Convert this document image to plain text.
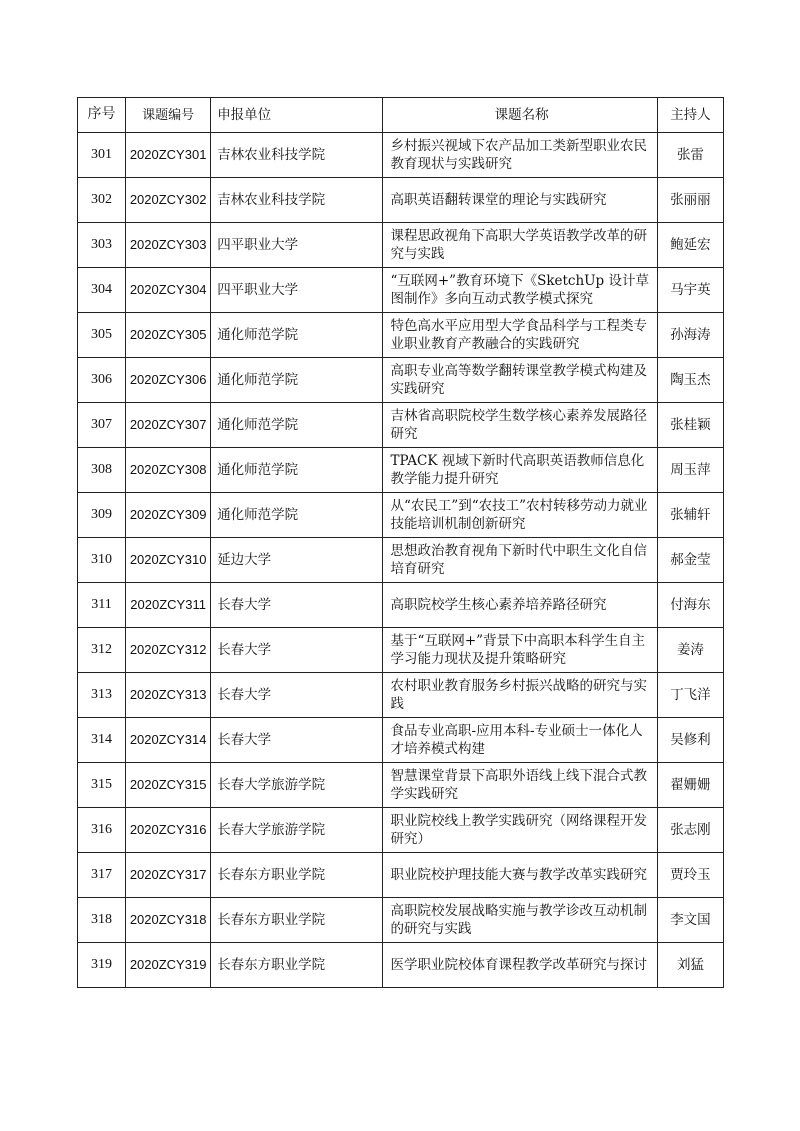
序号	课题编号	申报单位	课题名称	主持人
301	2020ZCY301	吉林农业科技学院	乡村振兴视域下农产品加工类新型职业农民教育现状与实践研究	张雷
302	2020ZCY302	吉林农业科技学院	高职英语翻转课堂的理论与实践研究	张丽丽
303	2020ZCY303	四平职业大学	课程思政视角下高职大学英语教学改革的研究与实践	鲍延宏
304	2020ZCY304	四平职业大学	“互联网+”教育环境下《SketchUp 设计草图制作》多向互动式教学模式探究	马宇英
305	2020ZCY305	通化师范学院	特色高水平应用型大学食品科学与工程类专业职业教育产教融合的实践研究	孙海涛
306	2020ZCY306	通化师范学院	高职专业高等数学翻转课堂教学模式构建及实践研究	陶玉杰
307	2020ZCY307	通化师范学院	吉林省高职院校学生数学核心素养发展路径研究	张桂颖
308	2020ZCY308	通化师范学院	TPACK 视域下新时代高职英语教师信息化教学能力提升研究	周玉萍
309	2020ZCY309	通化师范学院	从“农民工”到“农技工”农村转移劳动力就业技能培训机制创新研究	张辅轩
310	2020ZCY310	延边大学	思想政治教育视角下新时代中职生文化自信培育研究	郝金莹
311	2020ZCY311	长春大学	高职院校学生核心素养培养路径研究	付海东
312	2020ZCY312	长春大学	基于“互联网+”背景下中高职本科学生自主学习能力现状及提升策略研究	姜涛
313	2020ZCY313	长春大学	农村职业教育服务乡村振兴战略的研究与实践	丁飞洋
314	2020ZCY314	长春大学	食品专业高职-应用本科-专业硕士一体化人才培养模式构建	吴修利
315	2020ZCY315	长春大学旅游学院	智慧课堂背景下高职外语线上线下混合式教学实践研究	翟姗姗
316	2020ZCY316	长春大学旅游学院	职业院校线上教学实践研究（网络课程开发研究）	张志刚
317	2020ZCY317	长春东方职业学院	职业院校护理技能大赛与教学改革实践研究	贾玲玉
318	2020ZCY318	长春东方职业学院	高职院校发展战略实施与教学诊改互动机制的研究与实践	李文国
319	2020ZCY319	长春东方职业学院	医学职业院校体育课程教学改革研究与探讨	刘猛
